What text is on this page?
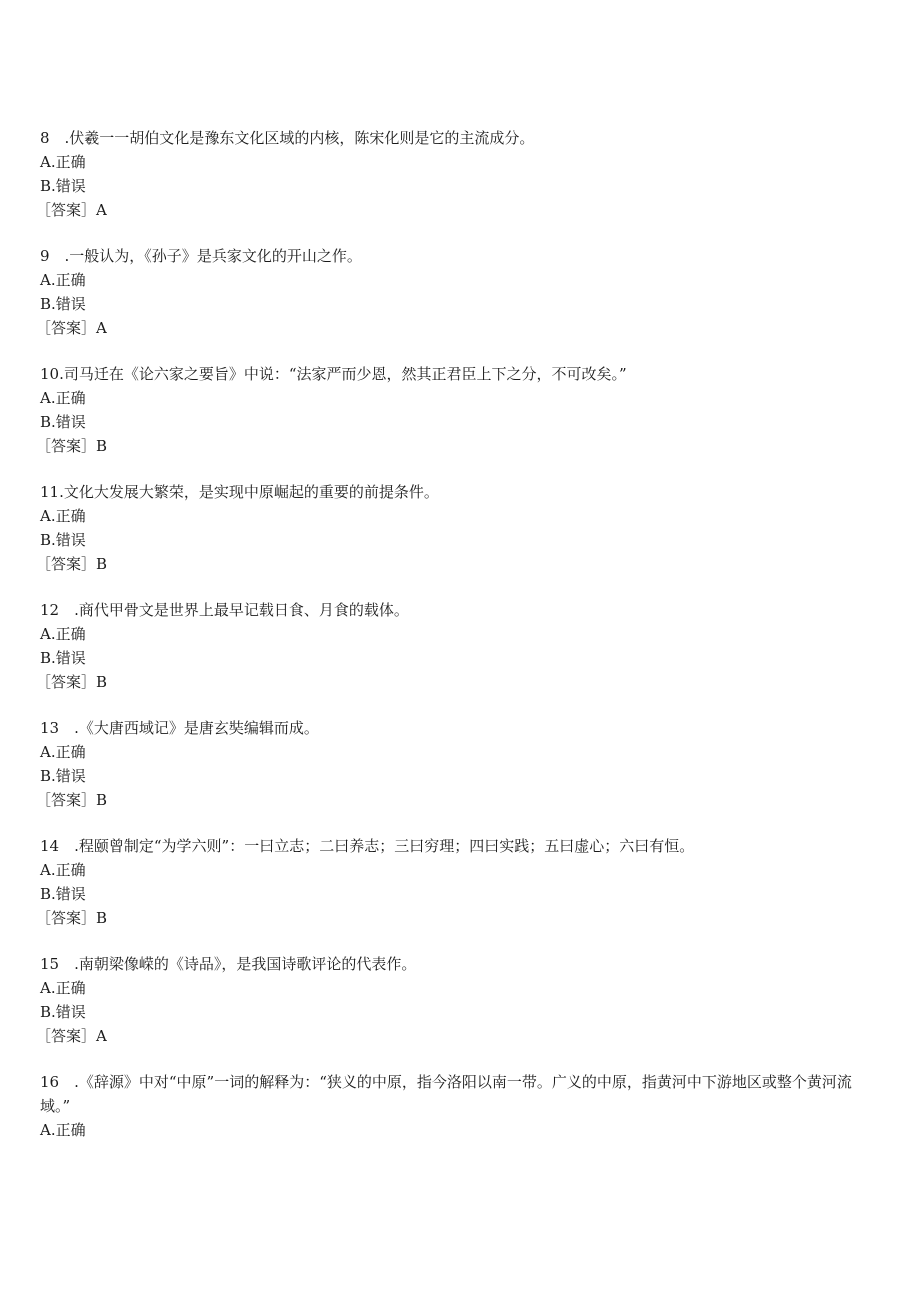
8　.伏羲一一胡伯文化是豫东文化区域的内核，陈宋化则是它的主流成分。

A.正确

B.错误

［答案］A

9　.一般认为，《孙子》是兵家文化的开山之作。

A.正确

B.错误

［答案］A

10.司马迁在《论六家之要旨》中说：“法家严而少恩，然其正君臣上下之分，不可改矣。”

A.正确

B.错误

［答案］B

11.文化大发展大繁荣，是实现中原崛起的重要的前提条件。

A.正确

B.错误

［答案］B

12　.商代甲骨文是世界上最早记载日食、月食的载体。

A.正确

B.错误

［答案］B

13　.《大唐西域记》是唐玄奘编辑而成。

A.正确

B.错误

［答案］B

14　.程颐曾制定“为学六则”：一曰立志；二曰养志；三曰穷理；四曰实践；五曰虚心；六曰有恒。

A.正确

B.错误

［答案］B

15　.南朝梁像嵘的《诗品》，是我国诗歌评论的代表作。

A.正确

B.错误

［答案］A

16　.《辞源》中对“中原”一词的解释为：“狭义的中原，指今洛阳以南一带。广义的中原，指黄河中下游地区或整个黄河流域。”

A.正确
